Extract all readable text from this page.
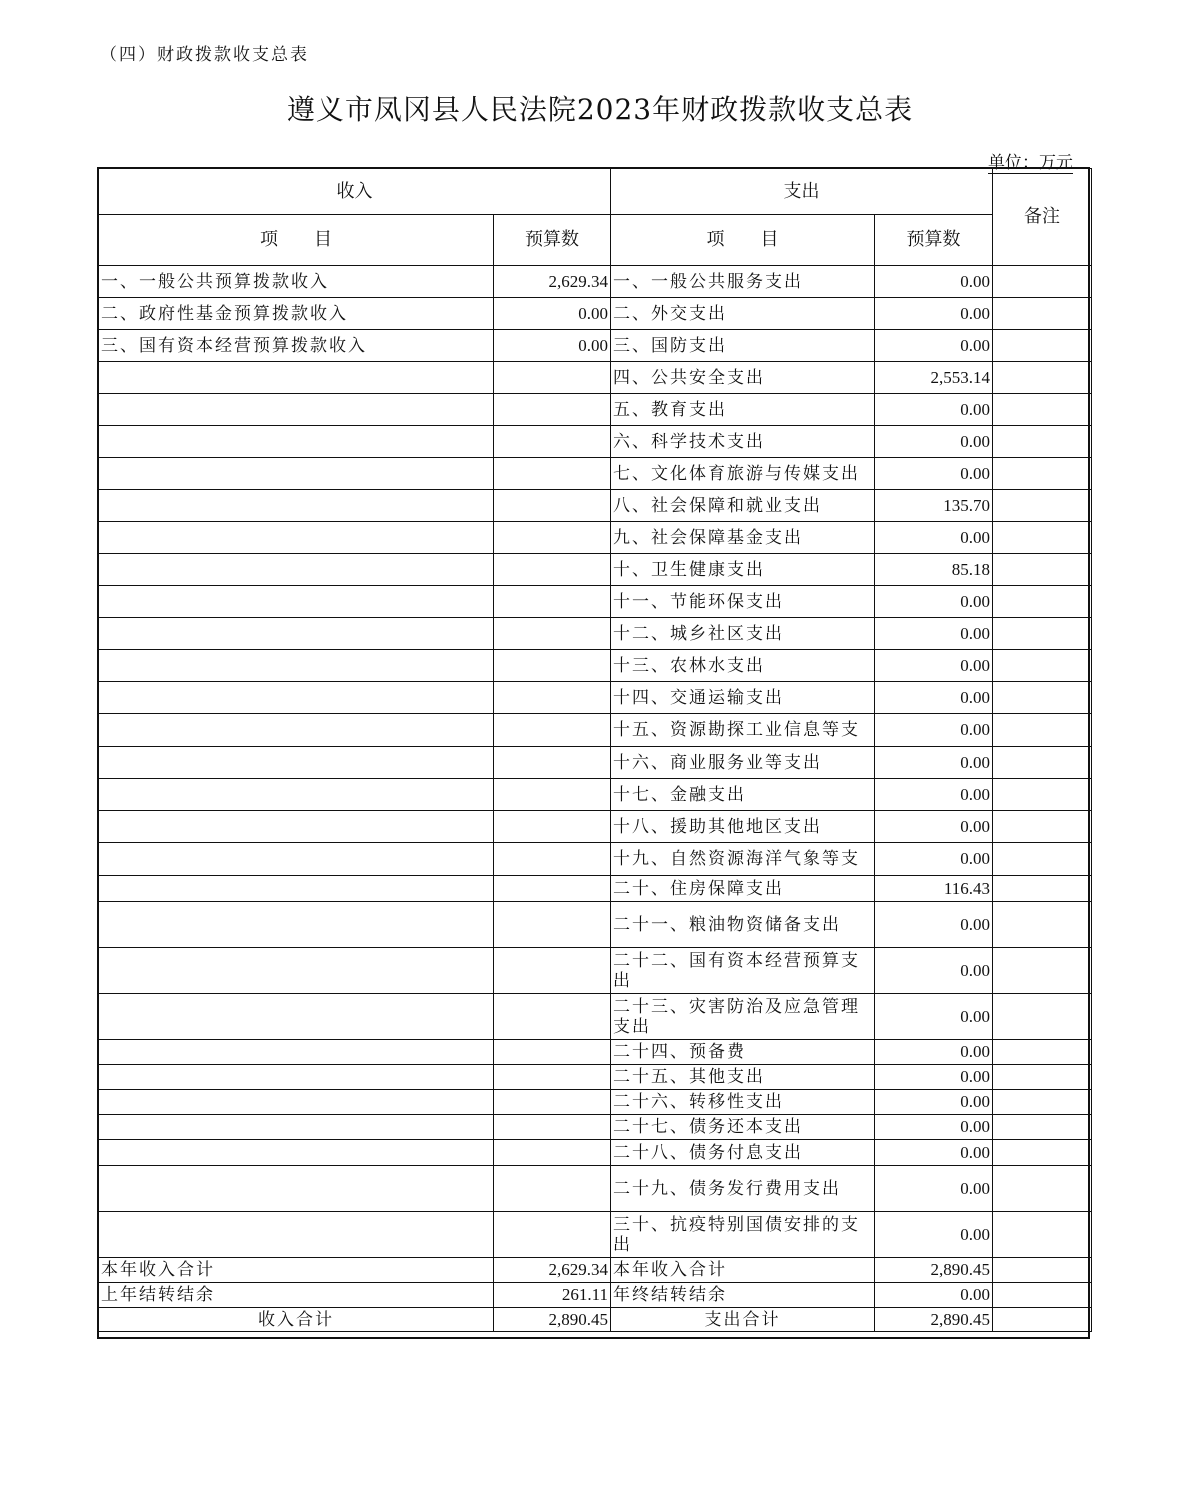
（四）财政拨款收支总表
遵义市凤冈县人民法院2023年财政拨款收支总表
单位：万元
收入		支出		备注
项　　目	预算数	项　　目	预算数	
一、一般公共预算拨款收入	2,629.34	一、一般公共服务支出	0.00	
二、政府性基金预算拨款收入	0.00	二、外交支出	0.00	
三、国有资本经营预算拨款收入	0.00	三、国防支出	0.00	
		四、公共安全支出	2,553.14	
		五、教育支出	0.00	
		六、科学技术支出	0.00	
		七、文化体育旅游与传媒支出	0.00	
		八、社会保障和就业支出	135.70	
		九、社会保障基金支出	0.00	
		十、卫生健康支出	85.18	
		十一、节能环保支出	0.00	
		十二、城乡社区支出	0.00	
		十三、农林水支出	0.00	
		十四、交通运输支出	0.00	
		十五、资源勘探工业信息等支	0.00	
		十六、商业服务业等支出	0.00	
		十七、金融支出	0.00	
		十八、援助其他地区支出	0.00	
		十九、自然资源海洋气象等支	0.00	
		二十、住房保障支出	116.43	
		二十一、粮油物资储备支出	0.00	
		二十二、国有资本经营预算支出	0.00	
		二十三、灾害防治及应急管理支出	0.00	
		二十四、预备费	0.00	
		二十五、其他支出	0.00	
		二十六、转移性支出	0.00	
		二十七、债务还本支出	0.00	
		二十八、债务付息支出	0.00	
		二十九、债务发行费用支出	0.00	
		三十、抗疫特别国债安排的支出	0.00	
本年收入合计	2,629.34	本年收入合计	2,890.45	
上年结转结余	261.11	年终结转结余	0.00	
收入合计	2,890.45	支出合计	2,890.45	
